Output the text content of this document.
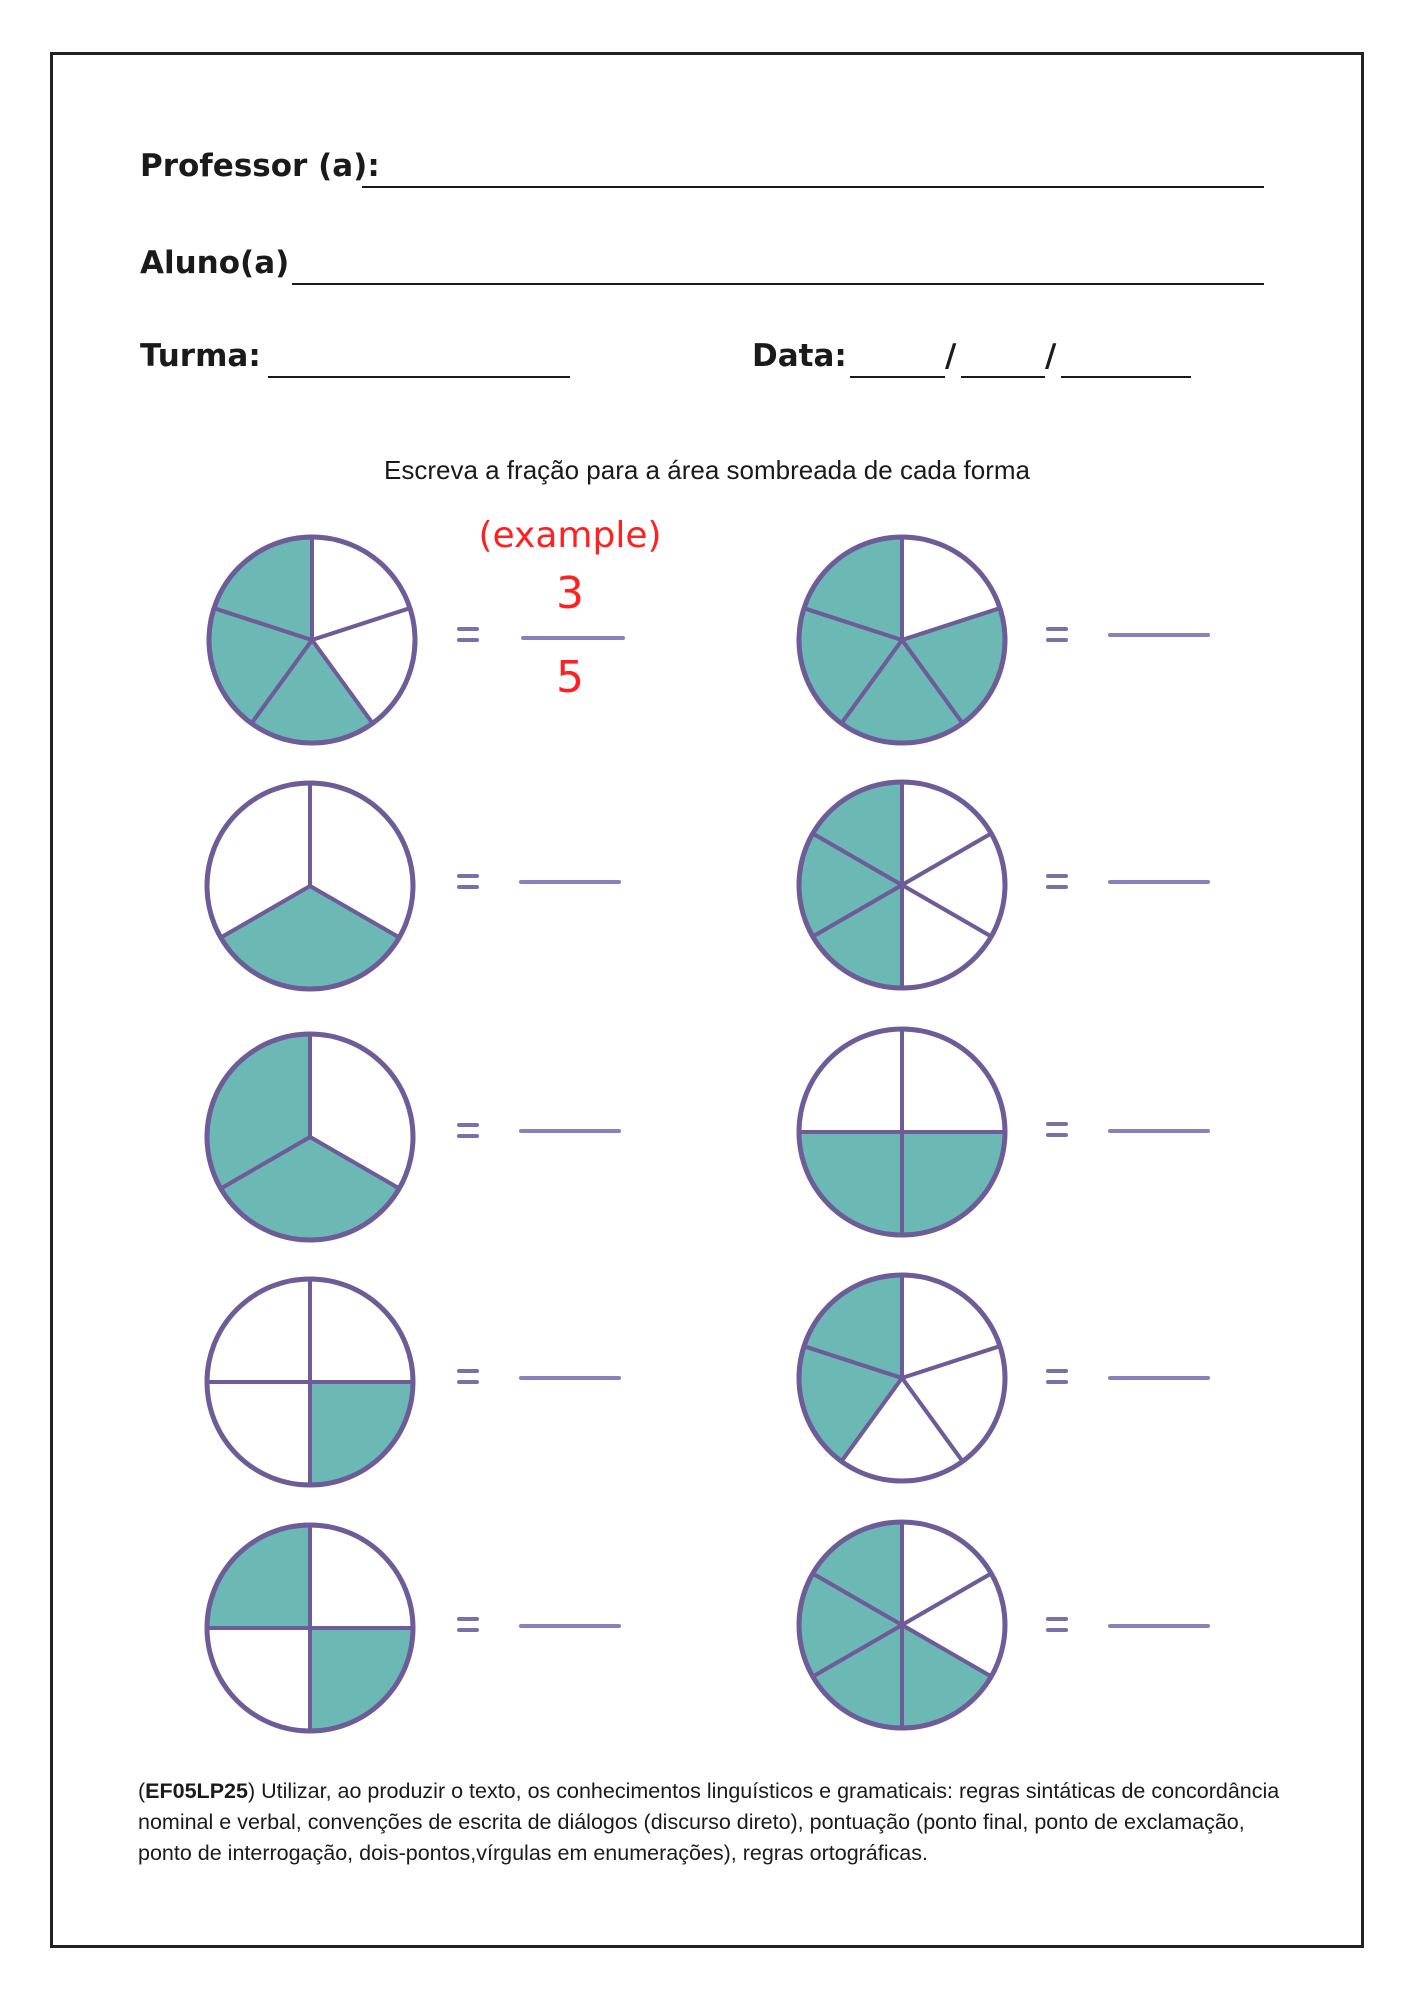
Professor (a):
Aluno(a)
Turma:	Data:	/	/
Escreva a fração para a área sombreada de cada forma
(example)
3
5
(EF05LP25) Utilizar, ao produzir o texto, os conhecimentos linguísticos e gramaticais: regras sintáticas de concordância nominal e verbal, convenções de escrita de diálogos (discurso direto), pontuação (ponto final, ponto de exclamação, ponto de interrogação, dois-pontos,vírgulas em enumerações), regras ortográficas.
